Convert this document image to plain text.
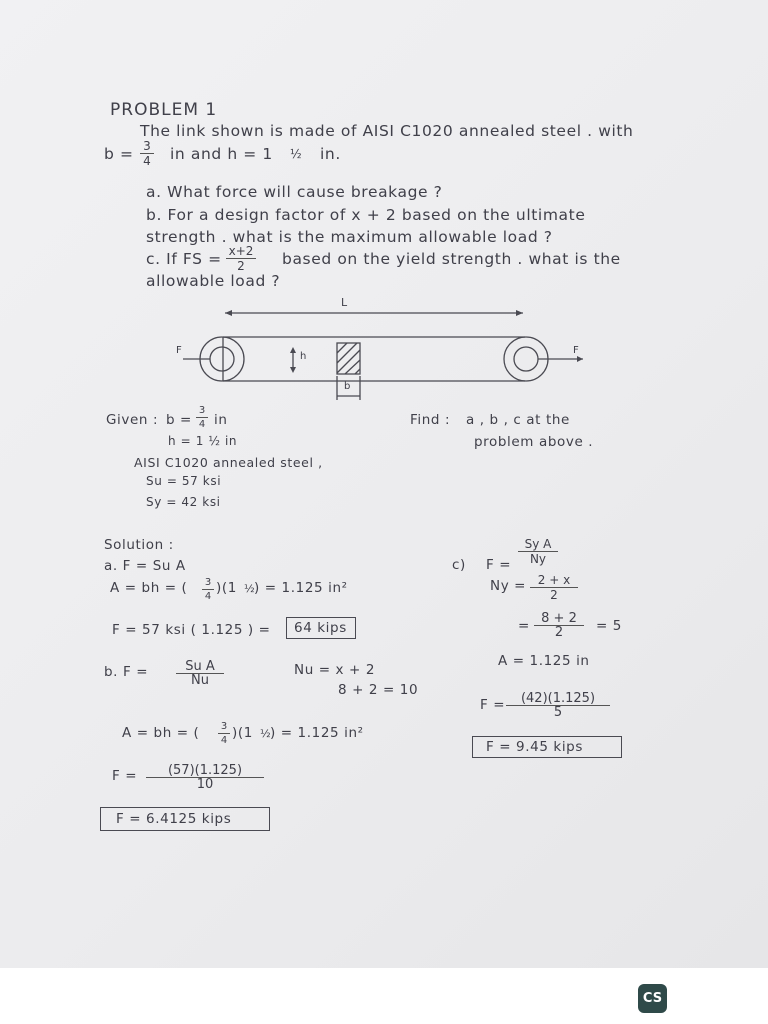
PROBLEM 1
The link shown is made of AISI C1020 annealed steel . with
$b = \frac{3}{4}$ in and h = 1 ½ in.
a. What force will cause breakage ?
b. For a design factor of x + 2 based on the ultimate
strength . what is the maximum allowable load ?
c. If FS = $\frac{x+2}{2}$ based on the yield strength . what is the
allowable load ?
L
F	F
h
b
Given : $b = \frac{3}{4}$ in
h = 1 ½ in
AISI C1020 annealed steel ,
Su = 57 ksi
Sy = 42 ksi
Find : a , b , c at the
problem above .
Solution :
a. F = Su A
A = bh = ( $\frac{3}{4} )(1$ ½
) = 1.125 in²
F = 57 ksi ( 1.125 ) = 64 kips
b. $F = \frac{\text{Su A}}{Nu}$	Nu = x + 2
8 + 2 = 10
A = bh = ( $\frac{3}{4} )(1$ ½
) = 1.125 in²
$F = \frac{(57)(1.125)}{10}$
F = 6.4125 kips
c) $F = \frac{\text{Sy A}}{Ny}$
$Ny = \frac{2 + x}{2}$
= $\frac{8 + 2}{2} = 5$
A = 1.125 in
$F = \frac{(42)(1.125)}{5}$
F = 9.45 kips
CS
